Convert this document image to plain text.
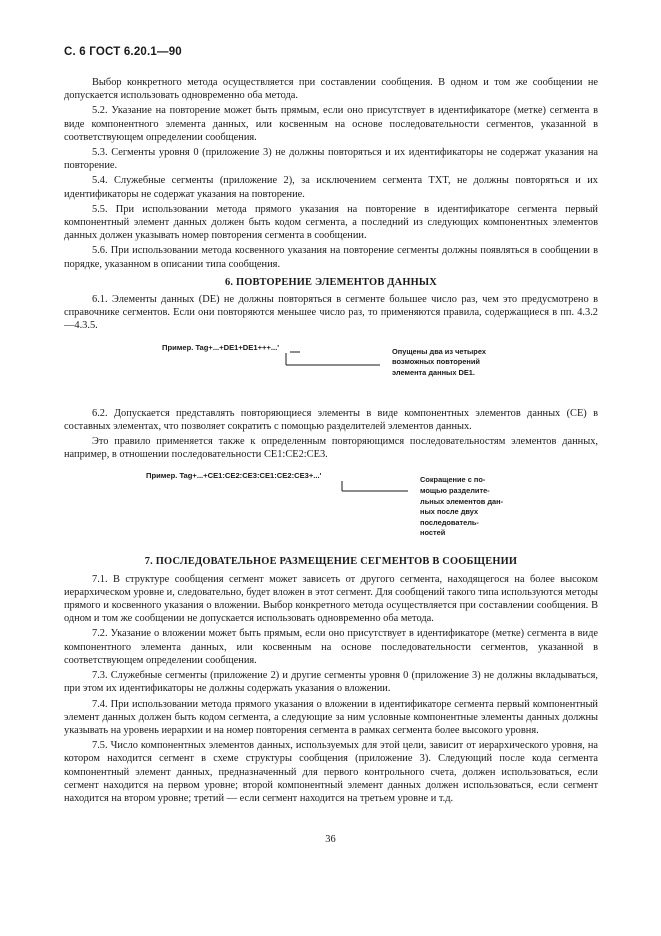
С. 6 ГОСТ 6.20.1—90

Выбор конкретного метода осуществляется при составлении сообщения. В одном и том же сообщении не допускается использовать одновременно оба метода.

5.2. Указание на повторение может быть прямым, если оно присутствует в идентификаторе (метке) сегмента в виде компонентного элемента данных, или косвенным на основе последовательности сегментов, указанной в соответствующем определении сообщения.

5.3. Сегменты уровня 0 (приложение 3) не должны повторяться и их идентификаторы не содержат указания на повторение.

5.4. Служебные сегменты (приложение 2), за исключением сегмента TXT, не должны повторяться и их идентификаторы не содержат указания на повторение.

5.5. При использовании метода прямого указания на повторение в идентификаторе сегмента первый компонентный элемент данных должен быть кодом сегмента, а последний из следующих компонентных элементов данных должен указывать номер повторения сегмента в сообщении.

5.6. При использовании метода косвенного указания на повторение сегменты должны появляться в сообщении в порядке, указанном в описании типа сообщения.

6. ПОВТОРЕНИЕ ЭЛЕМЕНТОВ ДАННЫХ

6.1. Элементы данных (DE) не должны повторяться в сегменте большее число раз, чем это предусмотрено в справочнике сегментов. Если они повторяются меньшее число раз, то применяются правила, содержащиеся в пп. 4.3.2—4.3.5.

Пример. Tag+...+DE1+DE1+++...'	Опущены два из четырех
возможных повторений
элемента данных DE1.

6.2. Допускается представлять повторяющиеся элементы в виде компонентных элементов данных (CE) в составных элементах, что позволяет сократить с помощью разделителей элементов данных.

Это правило применяется также к определенным повторяющимся последовательностям элементов данных, например, в отношении последовательности CE1:CE2:CE3.

Пример. Tag+...+CE1:CE2:CE3:CE1:CE2:CE3+...'	Сокращение с по-
мощью разделите-
льных элементов дан-
ных после двух
последователь-
ностей
7. ПОСЛЕДОВАТЕЛЬНОЕ РАЗМЕЩЕНИЕ СЕГМЕНТОВ В СООБЩЕНИИ

7.1. В структуре сообщения сегмент может зависеть от другого сегмента, находящегося на более высоком иерархическом уровне и, следовательно, будет вложен в этот сегмент. Для сообщений такого типа используются методы прямого и косвенного указания о вложении. Выбор конкретного метода осуществляется при составлении сообщения. В одном и том же сообщении не допускается использовать одновременно оба метода.

7.2. Указание о вложении может быть прямым, если оно присутствует в идентификаторе (метке) сегмента в виде компонентного элемента данных, или косвенным на основе последовательности сегментов, указанной в соответствующем определении сообщения.

7.3. Служебные сегменты (приложение 2) и другие сегменты уровня 0 (приложение 3) не должны вкладываться, при этом их идентификаторы не должны содержать указания о вложении.

7.4. При использовании метода прямого указания о вложении в идентификаторе сегмента первый компонентный элемент данных должен быть кодом сегмента, а следующие за ним условные компонентные элементы данных должны указывать на уровень иерархии и на номер повторения сегмента в рамках сегмента более высокого уровня.

7.5. Число компонентных элементов данных, используемых для этой цели, зависит от иерархического уровня, на котором находится сегмент в схеме структуры сообщения (приложение 3). Следующий после кода сегмента компонентный элемент данных, предназначенный для первого контрольного счета, должен использоваться, если сегмент находится на первом уровне; второй компонентный элемент данных должен использоваться, если сегмент находится на втором уровне; третий — если сегмент находится на третьем уровне и т.д.

36
